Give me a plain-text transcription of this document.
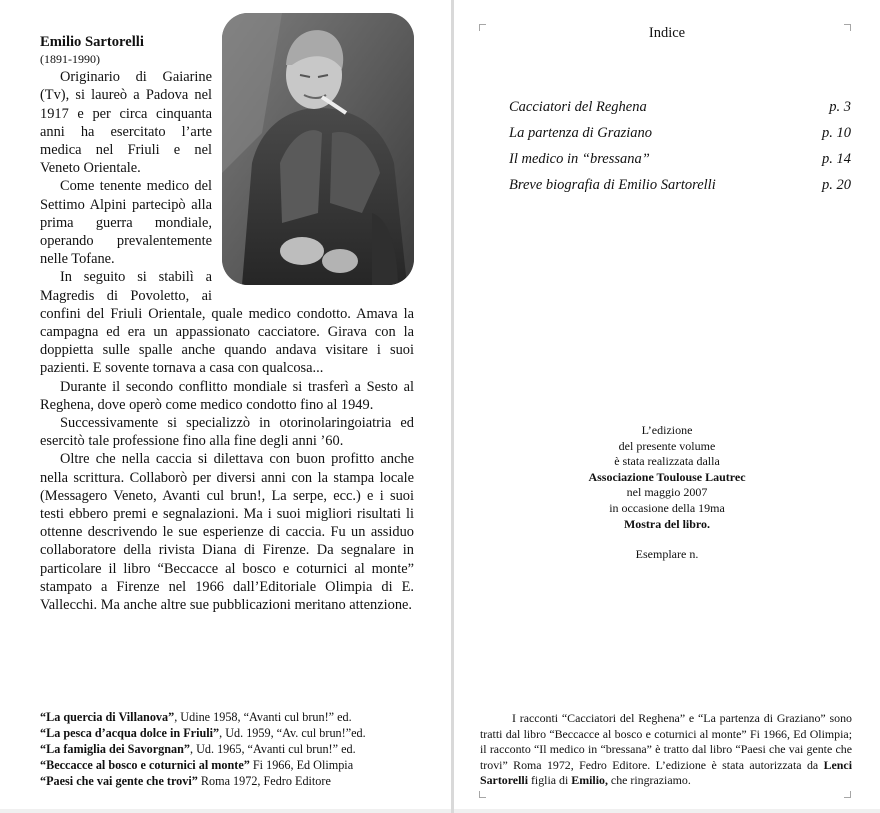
Emilio Sartorelli
(1891-1990)

Originario di Gaiarine (Tv), si laureò a Padova nel 1917 e per circa cinquanta anni ha esercitato l’arte medica nel Friuli e nel Veneto Orientale.

Come tenente medico del Settimo Alpini partecipò alla prima guerra mondiale, operando prevalentemente nelle Tofane.

In seguito si stabilì a Magredis di Povoletto, ai confini del Friuli Orientale, quale medico condotto. Amava la campagna ed era un appassionato cacciatore. Girava con la doppietta sulle spalle anche quando andava visitare i suoi pazienti. E sovente tornava a casa con qualcosa...

Durante il secondo conflitto mondiale si trasferì a Sesto al Reghena, dove operò come medico condotto fino al 1949.

Successivamente si specializzò in otorinolaringoiatria ed esercitò tale professione fino alla fine degli anni ’60.

Oltre che nella caccia si dilettava con buon profitto anche nella scrittura. Collaborò per diversi anni con la stampa locale (Messagero Veneto, Avanti cul brun!, La serpe, ecc.) e i suoi testi ebbero premi e segnalazioni. Ma i suoi migliori risultati li ottenne descrivendo le sue esperienze di caccia. Fu un assiduo collaboratore della rivista Diana di Firenze. Da segnalare in particolare il libro “Beccacce al bosco e coturnici al monte” stampato a Firenze nel 1966 dall’Editoriale Olimpia di E. Vallecchi. Ma anche altre sue pubblicazioni meritano attenzione.

“La quercia di Villanova”, Udine 1958, “Avanti cul brun!” ed.
“La pesca d’acqua dolce in Friuli”, Ud. 1959, “Av. cul brun!”ed.
“La famiglia dei Savorgnan”, Ud. 1965, “Avanti cul brun!” ed.
“Beccacce al bosco e coturnici al monte” Fi 1966, Ed Olimpia
“Paesi che vai gente che trovi” Roma 1972, Fedro Editore
Indice
Cacciatori del Reghena	p. 3
La partenza di Graziano	p. 10
Il medico in “bressana”	p. 14
Breve biografia di Emilio Sartorelli	p. 20
L’edizione
del presente volume
è stata realizzata dalla
Associazione Toulouse Lautrec
nel maggio 2007
in occasione della 19ma
Mostra del libro.
Esemplare n.
I racconti “Cacciatori del Reghena” e “La partenza di Graziano” sono tratti dal libro “Beccacce al bosco e coturnici al monte” Fi 1966, Ed Olimpia; il racconto “Il medico in “bressana” è tratto dal libro “Paesi che vai gente che trovi” Roma 1972, Fedro Editore. L’edizione è stata autorizzata da Lenci Sartorelli figlia di Emilio, che ringraziamo.
